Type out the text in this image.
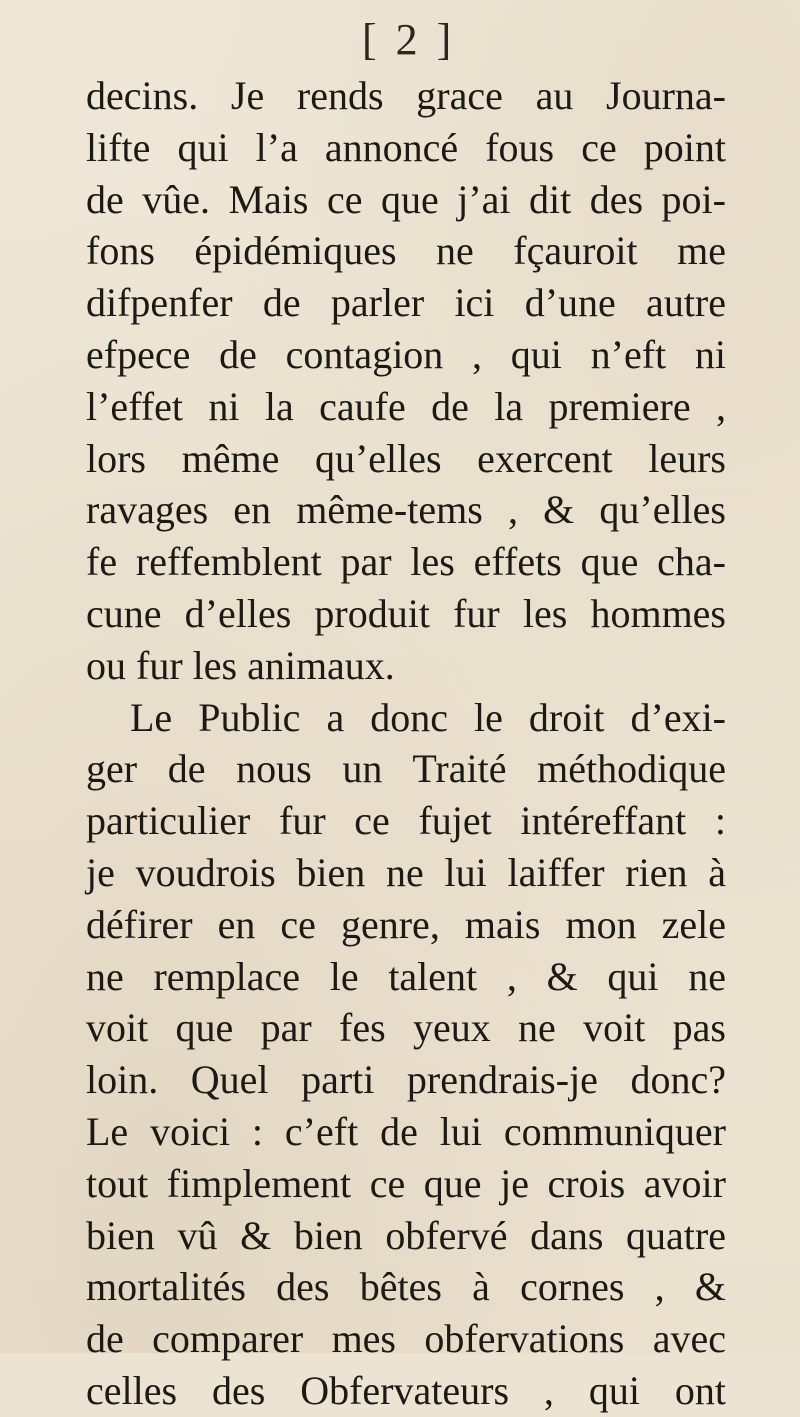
[ 2 ]
decins. Je rends grace au Journa-
lifte qui l’a annoncé fous ce point
de vûe. Mais ce que j’ai dit des poi-
fons épidémiques ne fçauroit me
difpenfer de parler ici d’une autre
efpece de contagion , qui n’eft ni
l’effet ni la caufe de la premiere ,
lors même qu’elles exercent leurs
ravages en même-tems , & qu’elles
fe reffemblent par les effets que cha-
cune d’elles produit fur les hommes
ou fur les animaux.
Le Public a donc le droit d’exi-
ger de nous un Traité méthodique
particulier fur ce fujet intéreffant :
je voudrois bien ne lui laiffer rien à
défirer en ce genre, mais mon zele
ne remplace le talent , & qui ne
voit que par fes yeux ne voit pas
loin. Quel parti prendrais-je donc?
Le voici : c’eft de lui communiquer
tout fimplement ce que je crois avoir
bien vû & bien obfervé dans quatre
mortalités des bêtes à cornes , &
de comparer mes obfervations avec
celles des Obfervateurs , qui ont
